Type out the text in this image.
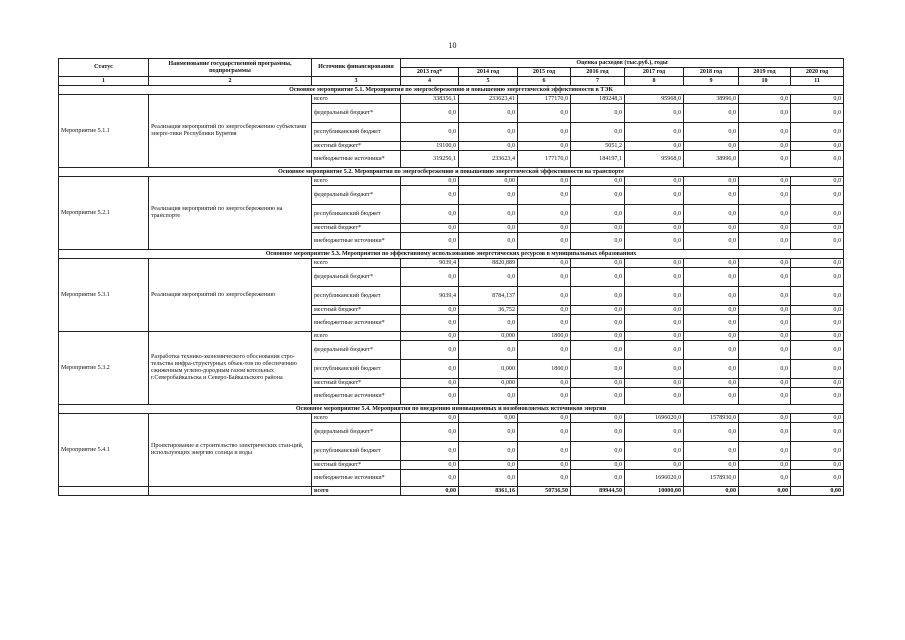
10
Статус	Наименование государственной программы, подпрограммы	Источник финансирования	Оценка расходов (тыс.руб.), годы							
			2013 год*	2014 год	2015 год	2016 год	2017 год	2018 год	2019 год	2020 год
1	2	3	4	5	6	7	8	9	10	11
Основное мероприятие 5.1. Мероприятия по энергосбережению и повышению энергетической эффективности в ТЭК										
Мероприятие 5.1.1	Реализация мероприятий по энергосбережению субъектами энерге-тики Республики Бурятия	всего	338356,1	233623,41	177170,0	189248,3	95968,0	38996,0	0,0	0,0
		федеральный бюджет*	0,0	0,0	0,0	0,0	0,0	0,0	0,0	0,0
		республиканский бюджет	0,0	0,0	0,0	0,0	0,0	0,0	0,0	0,0
		местный бюджет*	19100,0	0,0	0,0	5051,2	0,0	0,0	0,0	0,0
		внебюджетные источники*	319256,1	233623,4	177170,0	184197,1	95968,0	38996,0	0,0	0,0
Основное мероприятие 5.2. Мероприятия по энергосбережению и повышению энергетической эффективности на транспорте										
Мероприятие 5.2.1	Реализация мероприятий по энергосбережению на транспорте	всего	0,0	0,00	0,0	0,0	0,0	0,0	0,0	0,0
		федеральный бюджет*	0,0	0,0	0,0	0,0	0,0	0,0	0,0	0,0
		республиканский бюджет	0,0	0,0	0,0	0,0	0,0	0,0	0,0	0,0
		местный бюджет*	0,0	0,0	0,0	0,0	0,0	0,0	0,0	0,0
		внебюджетные источники*	0,0	0,0	0,0	0,0	0,0	0,0	0,0	0,0
Основное мероприятие 5.3. Мероприятия по эффективному использованию энергетических ресурсов в муниципальных образованиях										
Мероприятие 5.3.1	Реализация мероприятий по энергосбережению	всего	9039,4	8820,889	0,0	0,0	0,0	0,0	0,0	0,0
		федеральный бюджет*	0,0	0,0	0,0	0,0	0,0	0,0	0,0	0,0
		республиканский бюджет	9039,4	8784,137	0,0	0,0	0,0	0,0	0,0	0,0
		местный бюджет*	0,0	36,752	0,0	0,0	0,0	0,0	0,0	0,0
		внебюджетные источники*	0,0	0,0	0,0	0,0	0,0	0,0	0,0	0,0
Мероприятие 5.3.2	Разработка технико-экономического обоснования стро-тельства инфра-структурных объек-тов по обеспечению сжиженным углево-дородным газом котельных г.Северобайкальска и Северо-Байкальского района	всего	0,0	0,000	1800,0	0,0	0,0	0,0	0,0	0,0
		федеральный бюджет*	0,0	0,0	0,0	0,0	0,0	0,0	0,0	0,0
		республиканский бюджет	0,0	0,000	1800,0	0,0	0,0	0,0	0,0	0,0
		местный бюджет*	0,0	0,000	0,0	0,0	0,0	0,0	0,0	0,0
		внебюджетные источники*	0,0	0,0	0,0	0,0	0,0	0,0	0,0	0,0
Основное мероприятие 5.4. Мероприятия по внедрению инновационных и возобновляемых источников энергии										
Мероприятие 5.4.1	Проектирование и строительство электрических стан-ций, использующих энергию солнца и воды	всего	0,0	0,00	0,0	0,0	1696020,0	1578930,0	0,0	0,0
		федеральный бюджет*	0,0	0,0	0,0	0,0	0,0	0,0	0,0	0,0
		республиканский бюджет	0,0	0,0	0,0	0,0	0,0	0,0	0,0	0,0
		местный бюджет*	0,0	0,0	0,0	0,0	0,0	0,0	0,0	0,0
		внебюджетные источники*	0,0	0,0	0,0	0,0	1696020,0	1578930,0	0,0	0,0
		всего	0,00	8361,16	50736,50	89944,50	10000,00	0,00	0,00	0,00
